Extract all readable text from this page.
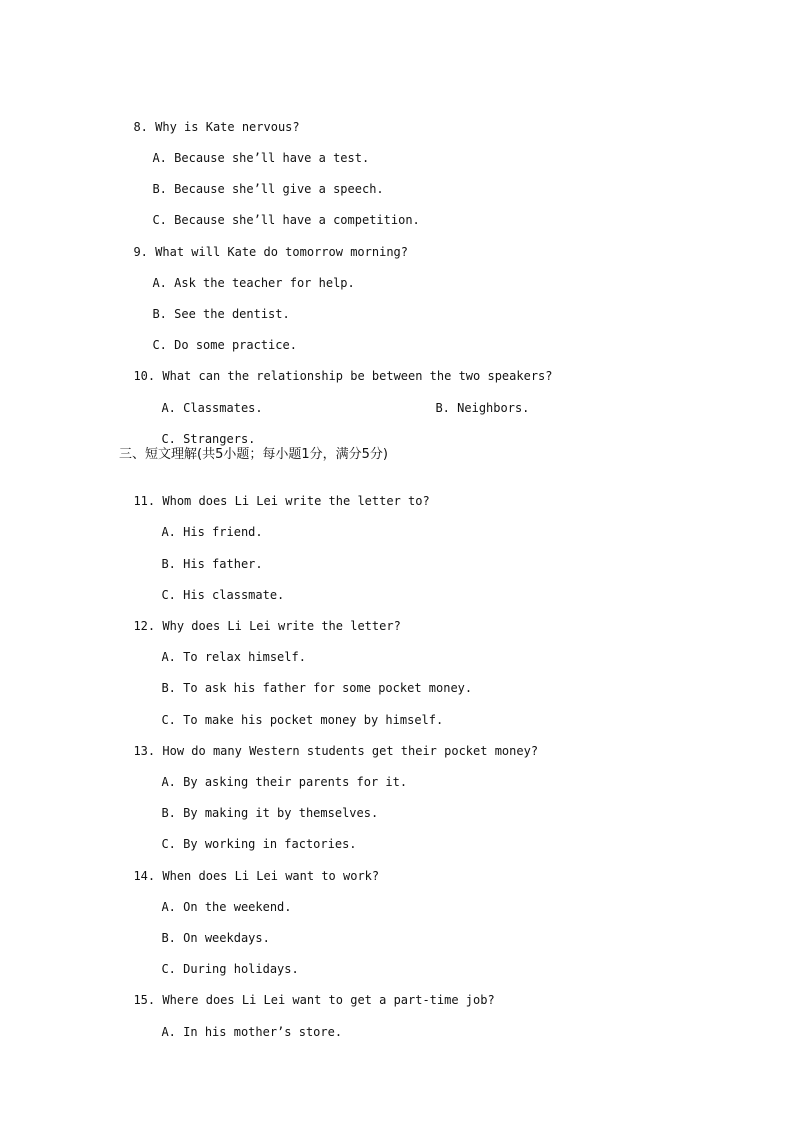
8. Why is Kate nervous?

A. Because she’ll have a test.

B. Because she’ll give a speech.

C. Because she’ll have a competition.

9. What will Kate do tomorrow morning?

A. Ask the teacher for help.

B. See the dentist.

C. Do some practice.

10. What can the relationship be between the two speakers?

A. Classmates.	B. Neighbors.

C. Strangers.

三、短文理解(共5小题；每小题1分，满分5分)

11. Whom does Li Lei write the letter to?

A. His friend.

B. His father.

C. His classmate.

12. Why does Li Lei write the letter?

A. To relax himself.

B. To ask his father for some pocket money.

C. To make his pocket money by himself.

13. How do many Western students get their pocket money?

A. By asking their parents for it.

B. By making it by themselves.

C. By working in factories.

14. When does Li Lei want to work?

A. On the weekend.

B. On weekdays.

C. During holidays.

15. Where does Li Lei want to get a part-time job?

A. In his mother’s store.
